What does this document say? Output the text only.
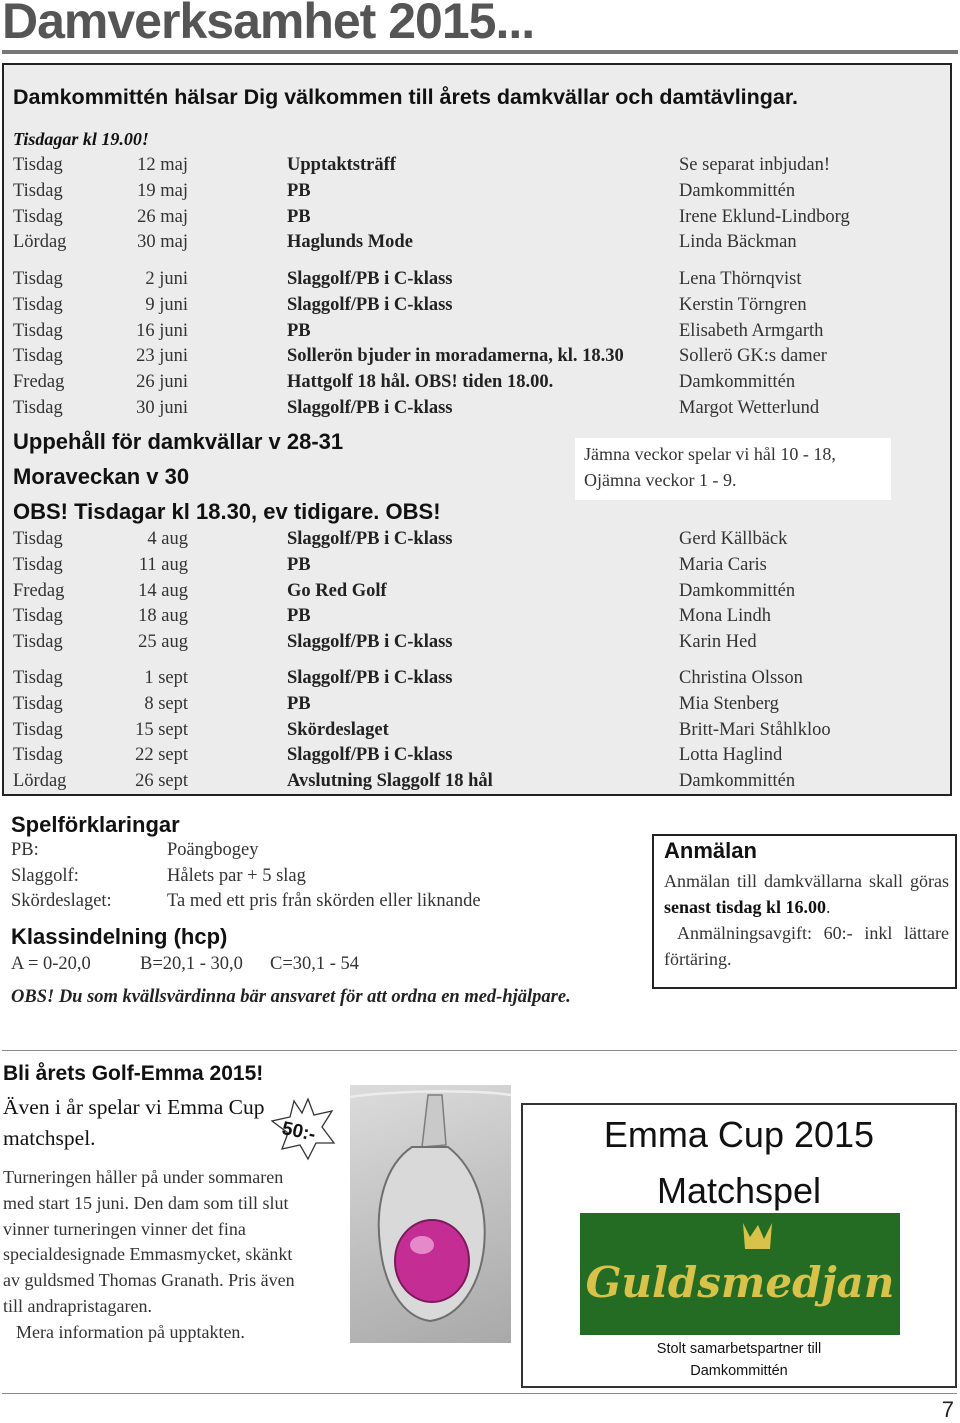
Damverksamhet 2015...
Damkommittén hälsar Dig välkommen till årets damkvällar och damtävlingar.
Tisdagar kl 19.00!
Tisdag	12 maj	Upptaktsträff	Se separat inbjudan!
Tisdag	19 maj	PB	Damkommittén
Tisdag	26 maj	PB	Irene Eklund-Lindborg
Lördag	30 maj	Haglunds Mode	Linda Bäckman
Tisdag	2 juni	Slaggolf/PB i C-klass	Lena Thörnqvist
Tisdag	9 juni	Slaggolf/PB i C-klass	Kerstin Törngren
Tisdag	16 juni	PB	Elisabeth Armgarth
Tisdag	23 juni	Sollerön bjuder in moradamerna, kl. 18.30	Sollerö GK:s damer
Fredag	26 juni	Hattgolf 18 hål. OBS! tiden 18.00.	Damkommittén
Tisdag	30 juni	Slaggolf/PB i C-klass	Margot Wetterlund
Uppehåll för damkvällar v 28-31
Moraveckan v 30
Jämna veckor spelar vi hål 10 - 18,
Ojämna veckor 1 - 9.
OBS! Tisdagar kl 18.30, ev tidigare. OBS!
Tisdag	4 aug	Slaggolf/PB i C-klass	Gerd Källbäck
Tisdag	11 aug	PB	Maria Caris
Fredag	14 aug	Go Red Golf	Damkommittén
Tisdag	18 aug	PB	Mona Lindh
Tisdag	25 aug	Slaggolf/PB i C-klass	Karin Hed
Tisdag	1 sept	Slaggolf/PB i C-klass	Christina Olsson
Tisdag	8 sept	PB	Mia Stenberg
Tisdag	15 sept	Skördeslaget	Britt-Mari Ståhlkloo
Tisdag	22 sept	Slaggolf/PB i C-klass	Lotta Haglind
Lördag	26 sept	Avslutning Slaggolf 18 hål	Damkommittén
Spelförklaringar
PB:	Poängbogey
Slaggolf:	Hålets par + 5 slag
Skördeslaget:	Ta med ett pris från skörden eller liknande
Klassindelning (hcp)
A = 0-20,0	B=20,1 - 30,0 C=30,1 - 54
OBS! Du som kvällsvärdinna bär ansvaret för att ordna en med-hjälpare.
Anmälan
Anmälan till damkvällarna skall göras senast tisdag kl 16.00.
Anmälningsavgift: 60:- inkl lättare förtäring.
Bli årets Golf-Emma 2015!
Även i år spelar vi Emma Cup matchspel.	50:-
Turneringen håller på under sommaren med start 15 juni. Den dam som till slut vinner turneringen vinner det fina specialdesignade Emmasmycket, skänkt av guldsmed Thomas Granath. Pris även till andrapristagaren.
Mera information på upptakten.
Emma Cup 2015
Matchspel
Guldsmedjan
Stolt samarbetspartner till
Damkommittén
7
